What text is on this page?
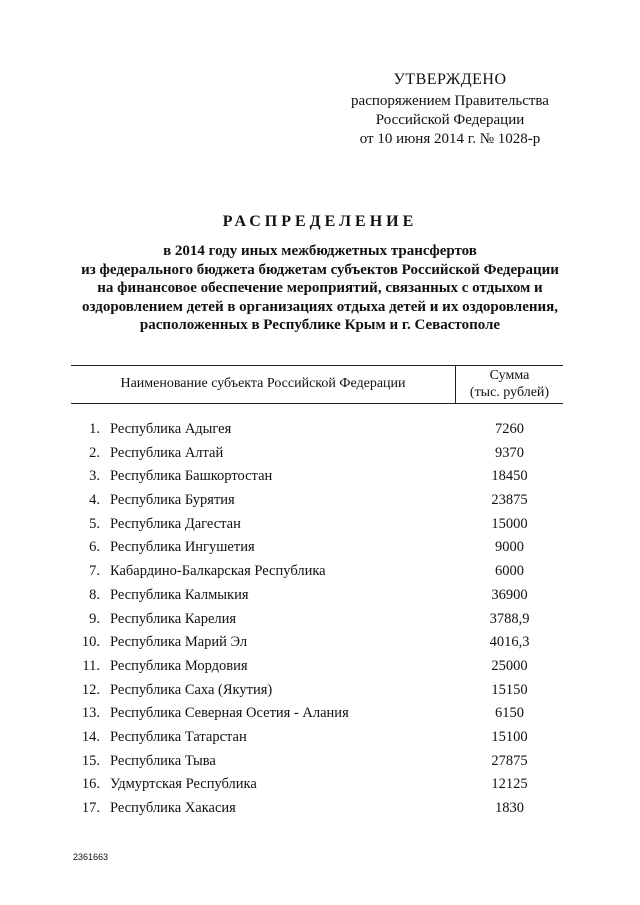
УТВЕРЖДЕНО
распоряжением Правительства
Российской Федерации
от 10 июня 2014 г. № 1028-р
РАСПРЕДЕЛЕНИЕ
в 2014 году иных межбюджетных трансфертов
из федерального бюджета бюджетам субъектов Российской Федерации
на финансовое обеспечение мероприятий, связанных с отдыхом и
оздоровлением детей в организациях отдыха детей и их оздоровления,
расположенных в Республике Крым и г. Севастополе
Наименование субъекта Российской Федерации
Сумма
(тыс. рублей)
1. Республика Адыгея	7260
2. Республика Алтай	9370
3. Республика Башкортостан	18450
4. Республика Бурятия	23875
5. Республика Дагестан	15000
6. Республика Ингушетия	9000
7. Кабардино-Балкарская Республика	6000
8. Республика Калмыкия	36900
9. Республика Карелия	3788,9
10. Республика Марий Эл	4016,3
11. Республика Мордовия	25000
12. Республика Саха (Якутия)	15150
13. Республика Северная Осетия - Алания	6150
14. Республика Татарстан	15100
15. Республика Тыва	27875
16. Удмуртская Республика	12125
17. Республика Хакасия	1830
2361663
